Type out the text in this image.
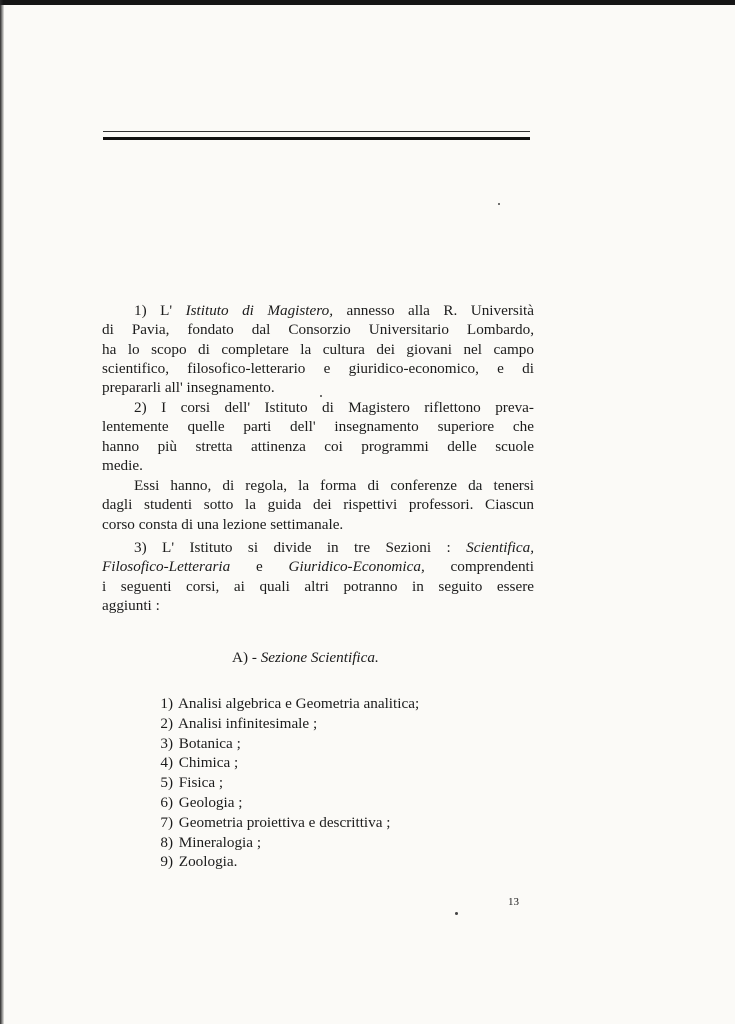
1) L' Istituto di Magistero, annesso alla R. Università
di Pavia, fondato dal Consorzio Universitario Lombardo,
ha lo scopo di completare la cultura dei giovani nel campo
scientifico, filosofico-letterario e giuridico-economico, e di
prepararli all' insegnamento.
2) I corsi dell' Istituto di Magistero riflettono preva-
lentemente quelle parti dell' insegnamento superiore che
hanno più stretta attinenza coi programmi delle scuole
medie.
Essi hanno, di regola, la forma di conferenze da tenersi
dagli studenti sotto la guida dei rispettivi professori. Ciascun
corso consta di una lezione settimanale.
3) L' Istituto si divide in tre Sezioni : Scientifica,
Filosofico-Letteraria e Giuridico-Economica, comprendenti
i seguenti corsi, ai quali altri potranno in seguito essere
aggiunti :
A) - Sezione Scientifica.
1) Analisi algebrica e Geometria analitica;
2) Analisi infinitesimale ;
3) Botanica ;
4) Chimica ;
5) Fisica ;
6) Geologia ;
7) Geometria proiettiva e descrittiva ;
8) Mineralogia ;
9) Zoologia.
13
